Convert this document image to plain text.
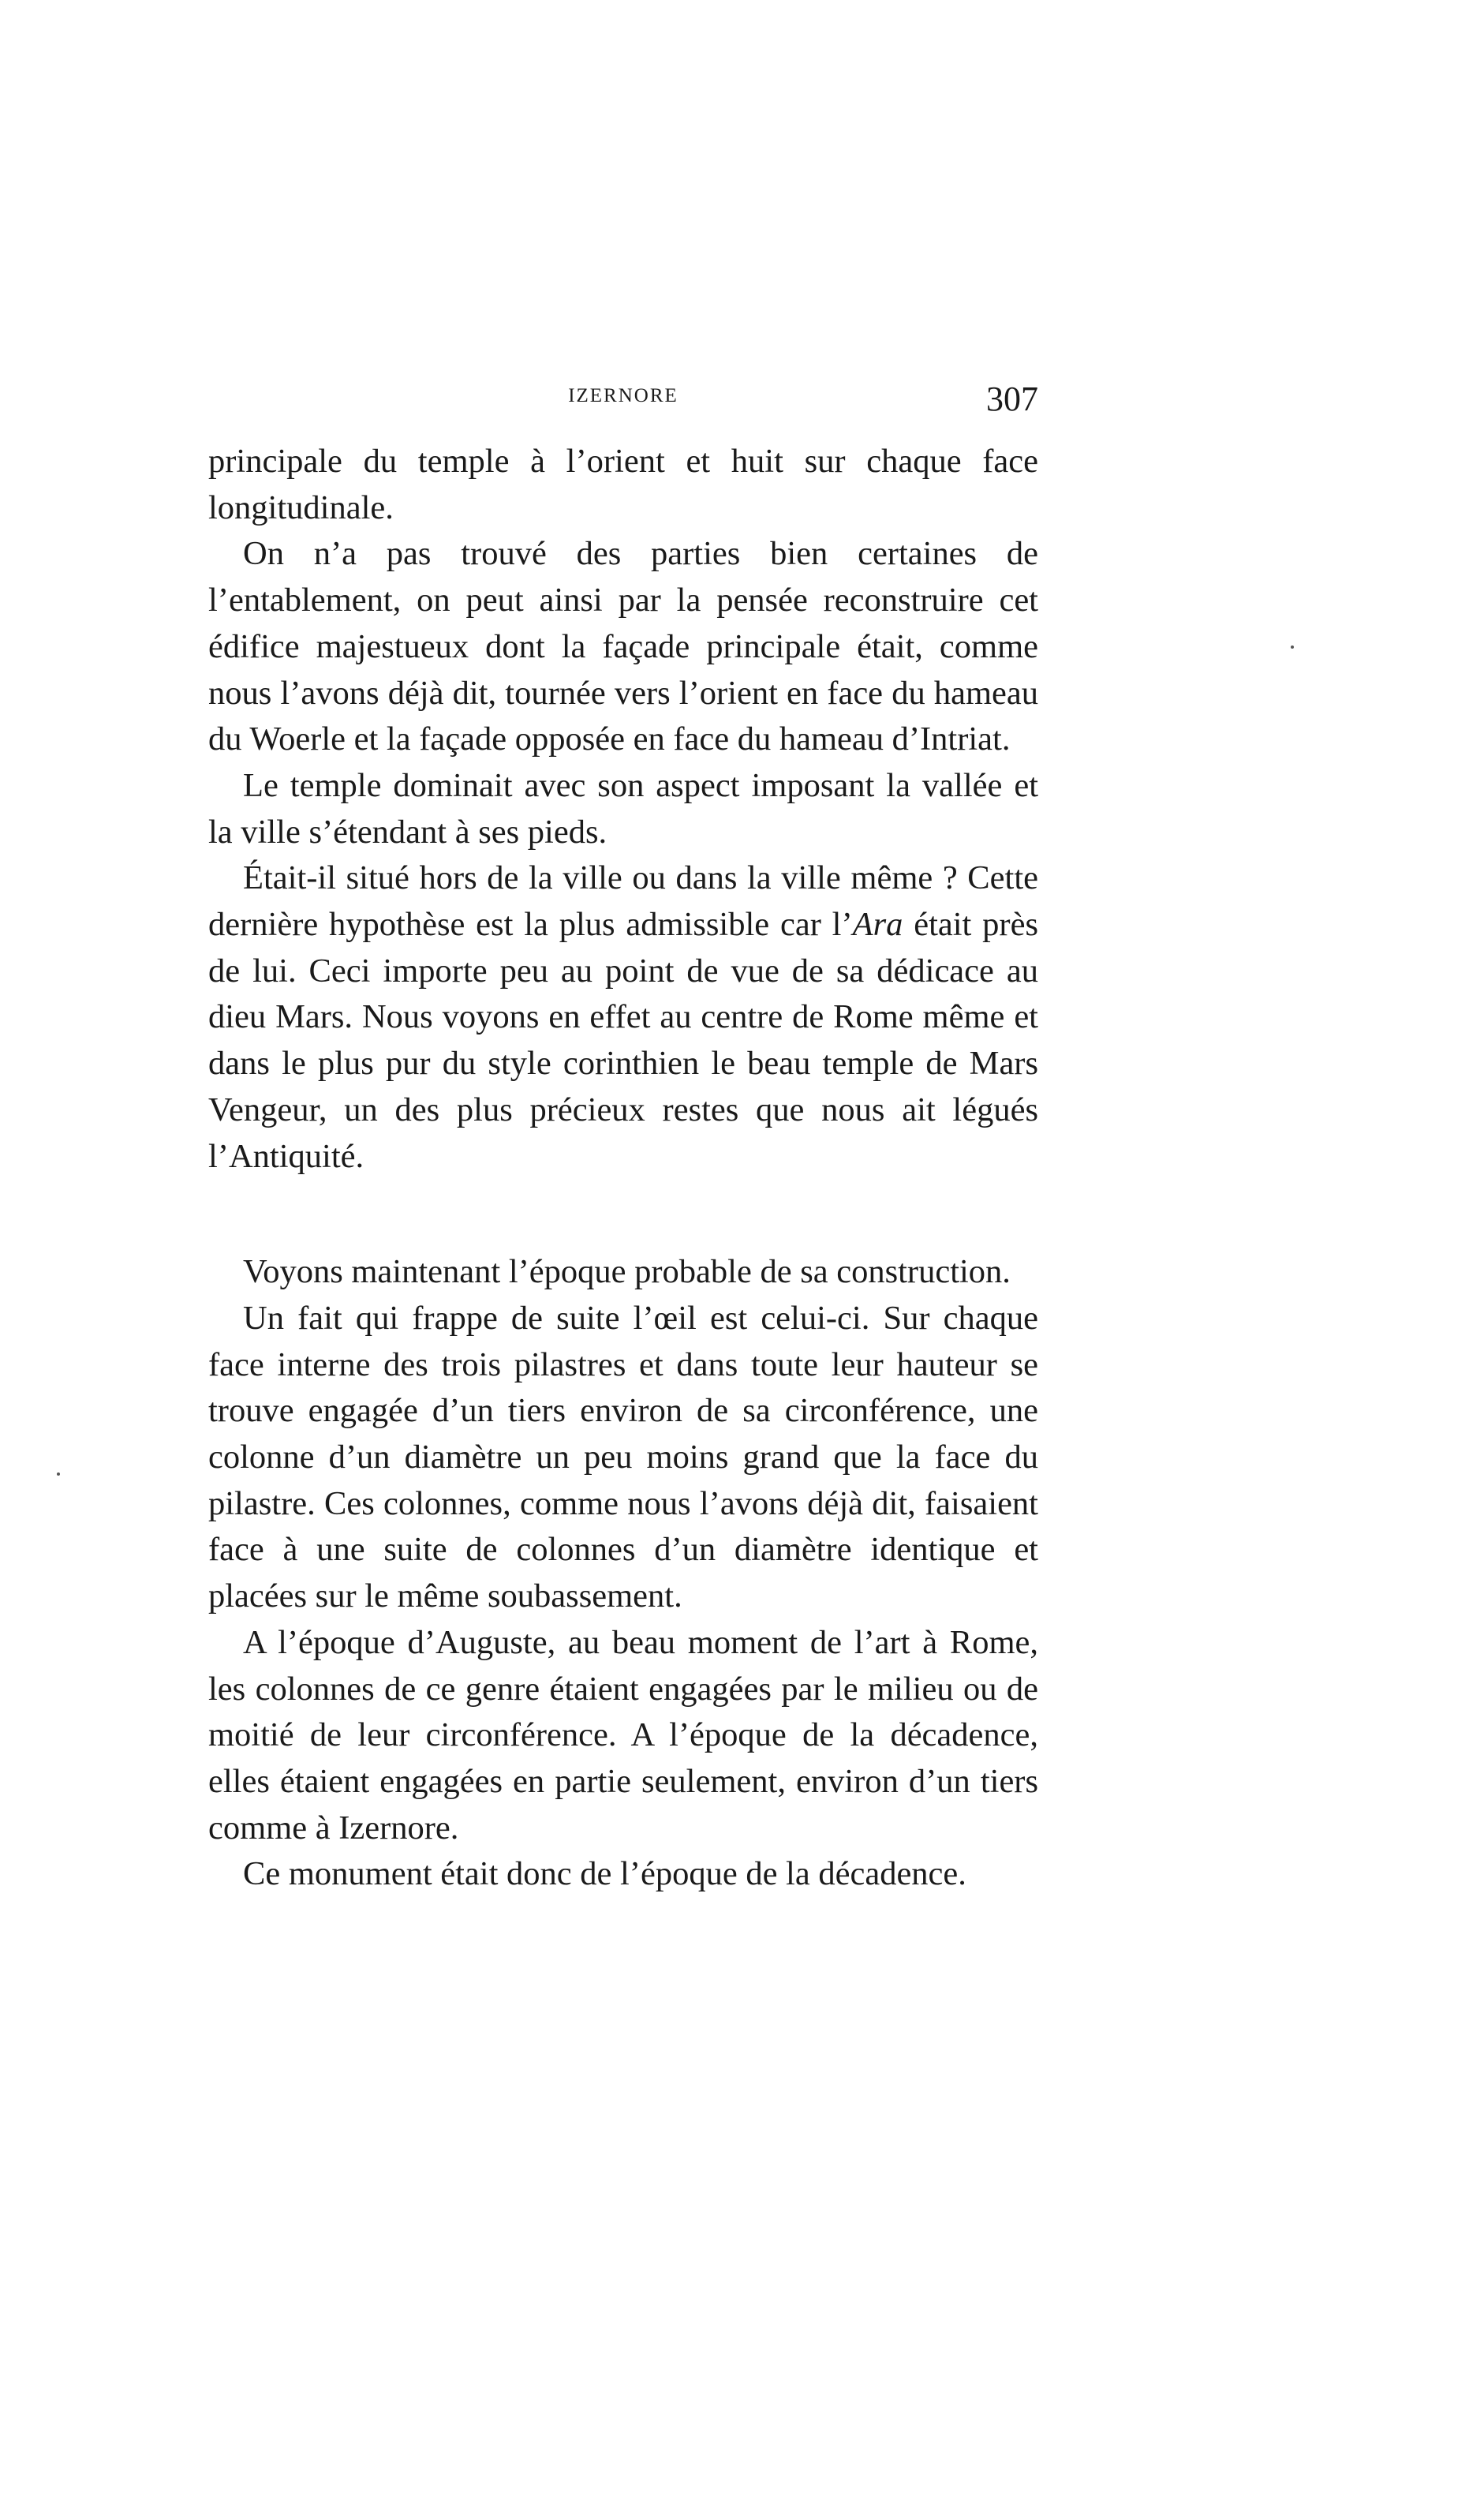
IZERNORE	307

principale du temple à l’orient et huit sur chaque face longitudinale.

On n’a pas trouvé des parties bien certaines de l’entablement, on peut ainsi par la pensée reconstruire cet édifice majestueux dont la façade principale était, comme nous l’avons déjà dit, tournée vers l’orient en face du hameau du Woerle et la façade opposée en face du hameau d’Intriat.

Le temple dominait avec son aspect imposant la vallée et la ville s’étendant à ses pieds.

Était-il situé hors de la ville ou dans la ville même ? Cette dernière hypothèse est la plus admissible car l’Ara était près de lui. Ceci importe peu au point de vue de sa dédicace au dieu Mars. Nous voyons en effet au centre de Rome même et dans le plus pur du style corinthien le beau temple de Mars Vengeur, un des plus précieux restes que nous ait légués l’Antiquité.

Voyons maintenant l’époque probable de sa construction.

Un fait qui frappe de suite l’œil est celui-ci. Sur chaque face interne des trois pilastres et dans toute leur hauteur se trouve engagée d’un tiers environ de sa circonférence, une colonne d’un diamètre un peu moins grand que la face du pilastre. Ces colonnes, comme nous l’avons déjà dit, faisaient face à une suite de colonnes d’un diamètre identique et placées sur le même soubassement.

A l’époque d’Auguste, au beau moment de l’art à Rome, les colonnes de ce genre étaient engagées par le milieu ou de moitié de leur circonférence. A l’époque de la décadence, elles étaient engagées en partie seulement, environ d’un tiers comme à Izernore.

Ce monument était donc de l’époque de la décadence.
